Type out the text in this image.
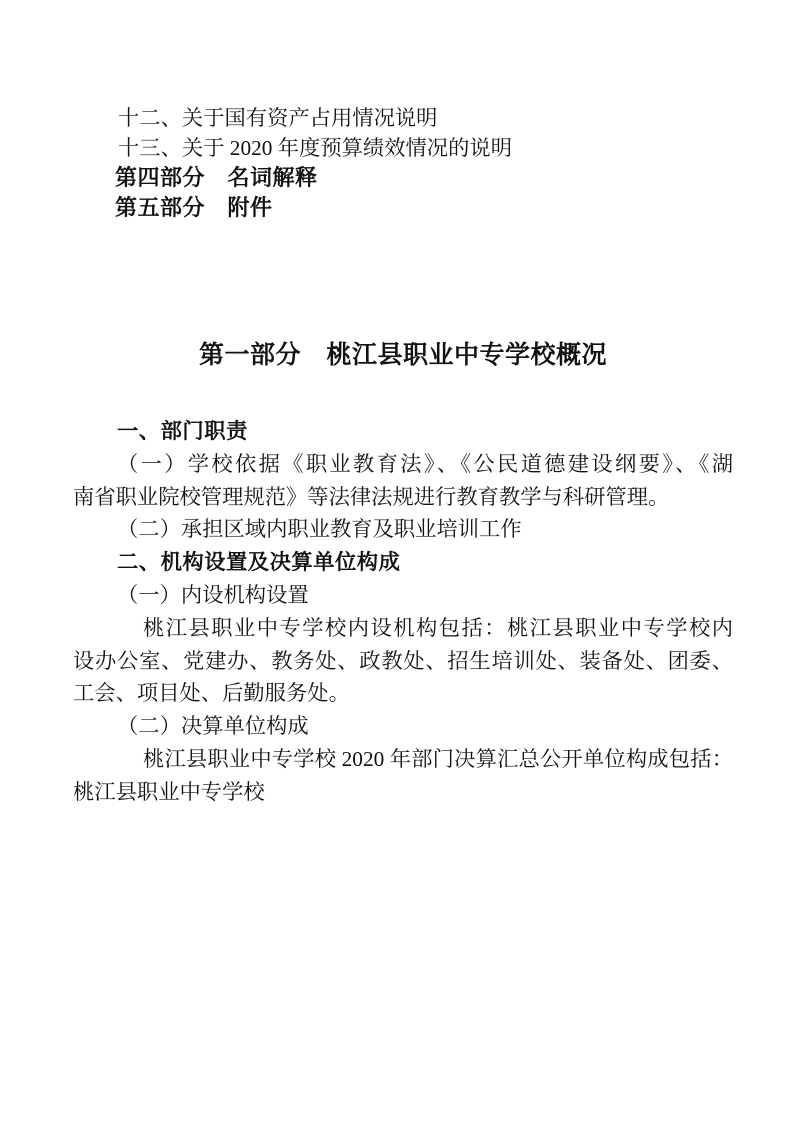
十二、关于国有资产占用情况说明
十三、关于 2020 年度预算绩效情况的说明
第四部分　名词解释
第五部分　附件
第一部分　桃江县职业中专学校概况
一、部门职责
（一）学校依据《职业教育法》、《公民道德建设纲要》、《湖
南省职业院校管理规范》等法律法规进行教育教学与科研管理。
（二）承担区域内职业教育及职业培训工作
二、机构设置及决算单位构成
（一）内设机构设置
桃江县职业中专学校内设机构包括：桃江县职业中专学校内
设办公室、党建办、教务处、政教处、招生培训处、装备处、团委、
工会、项目处、后勤服务处。
（二）决算单位构成
桃江县职业中专学校 2020 年部门决算汇总公开单位构成包括：
桃江县职业中专学校
